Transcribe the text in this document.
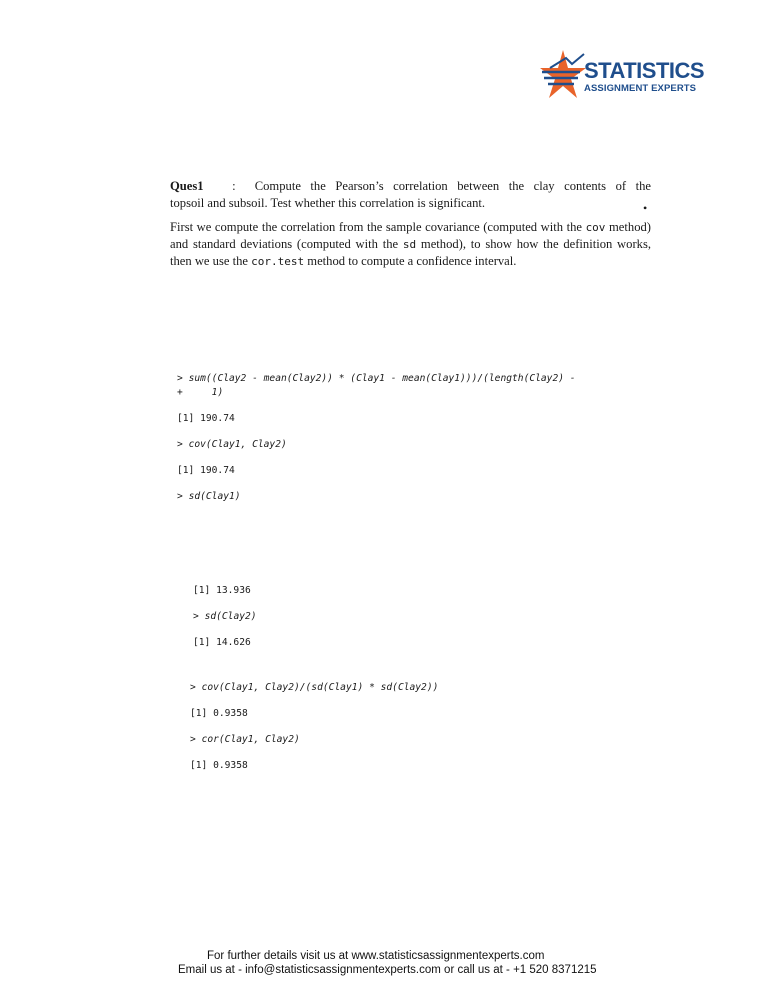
STATISTICS
ASSIGNMENT EXPERTS
Ques1 : Compute the Pearson’s correlation between the clay contents of the
topsoil and subsoil. Test whether this correlation is significant.	•
First we compute the correlation from the sample covariance (computed with the cov method) and standard deviations (computed with the sd method), to show how the definition works, then we use the cor.test method to compute a confidence interval.
> sum((Clay2 - mean(Clay2)) * (Clay1 - mean(Clay1)))/(length(Clay2) -
+     1)
[1] 190.74
> cov(Clay1, Clay2)
[1] 190.74
> sd(Clay1)
[1] 13.936
> sd(Clay2)
[1] 14.626
> cov(Clay1, Clay2)/(sd(Clay1) * sd(Clay2))
[1] 0.9358
> cor(Clay1, Clay2)
[1] 0.9358
For further details visit us at www.statisticsassignmentexperts.com
Email us at - info@statisticsassignmentexperts.com or call us at - +1 520 8371215
